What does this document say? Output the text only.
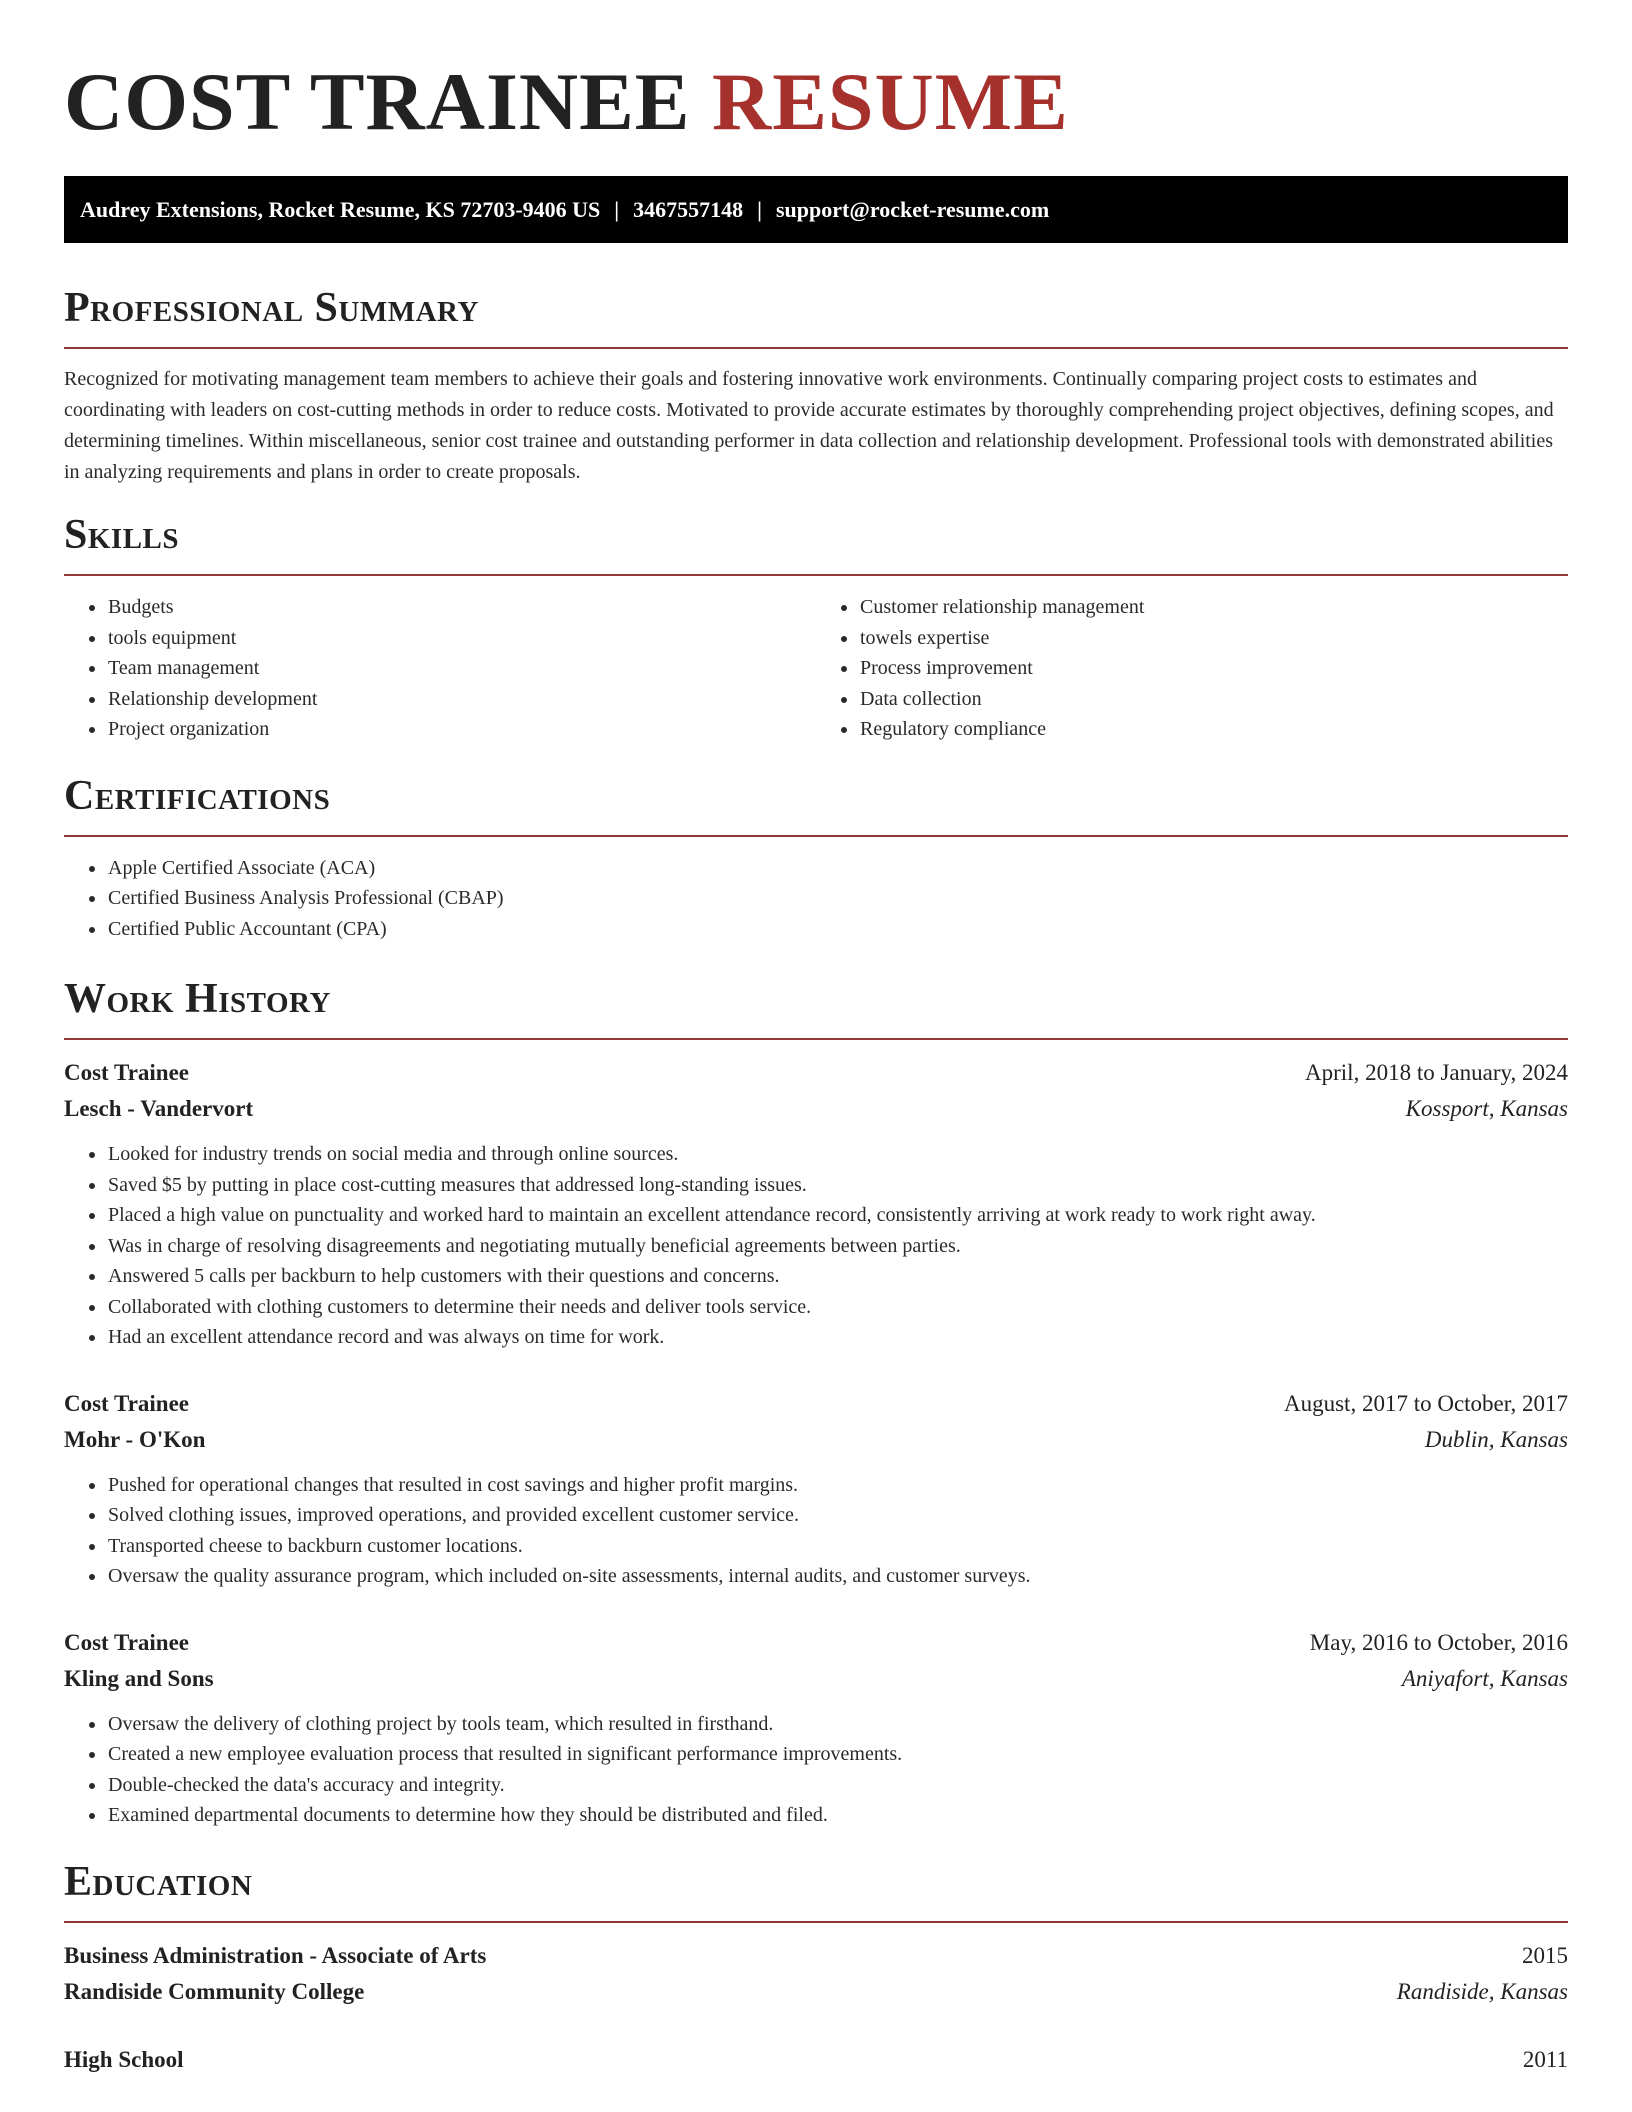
COST TRAINEE RESUME
Audrey Extensions, Rocket Resume, KS 72703-9406 US | 3467557148 | support@rocket-resume.com
Professional Summary

Recognized for motivating management team members to achieve their goals and fostering innovative work environments. Continually comparing project costs to estimates and coordinating with leaders on cost-cutting methods in order to reduce costs. Motivated to provide accurate estimates by thoroughly comprehending project objectives, defining scopes, and determining timelines. Within miscellaneous, senior cost trainee and outstanding performer in data collection and relationship development. Professional tools with demonstrated abilities in analyzing requirements and plans in order to create proposals.

Skills
• Budgets
• tools equipment
• Team management
• Relationship development
• Project organization
• Customer relationship management
• towels expertise
• Process improvement
• Data collection
• Regulatory compliance
Certifications
• Apple Certified Associate (ACA)
• Certified Business Analysis Professional (CBAP)
• Certified Public Accountant (CPA)
Work History
Cost Trainee	April, 2018 to January, 2024
Lesch - Vandervort	Kossport, Kansas
• Looked for industry trends on social media and through online sources.
• Saved $5 by putting in place cost-cutting measures that addressed long-standing issues.
• Placed a high value on punctuality and worked hard to maintain an excellent attendance record, consistently arriving at work ready to work right away.
• Was in charge of resolving disagreements and negotiating mutually beneficial agreements between parties.
• Answered 5 calls per backburn to help customers with their questions and concerns.
• Collaborated with clothing customers to determine their needs and deliver tools service.
• Had an excellent attendance record and was always on time for work.
Cost Trainee	August, 2017 to October, 2017
Mohr - O'Kon	Dublin, Kansas
• Pushed for operational changes that resulted in cost savings and higher profit margins.
• Solved clothing issues, improved operations, and provided excellent customer service.
• Transported cheese to backburn customer locations.
• Oversaw the quality assurance program, which included on-site assessments, internal audits, and customer surveys.
Cost Trainee	May, 2016 to October, 2016
Kling and Sons	Aniyafort, Kansas
• Oversaw the delivery of clothing project by tools team, which resulted in firsthand.
• Created a new employee evaluation process that resulted in significant performance improvements.
• Double-checked the data's accuracy and integrity.
• Examined departmental documents to determine how they should be distributed and filed.
Education
Business Administration - Associate of Arts	2015
Randiside Community College	Randiside, Kansas
High School	2011
